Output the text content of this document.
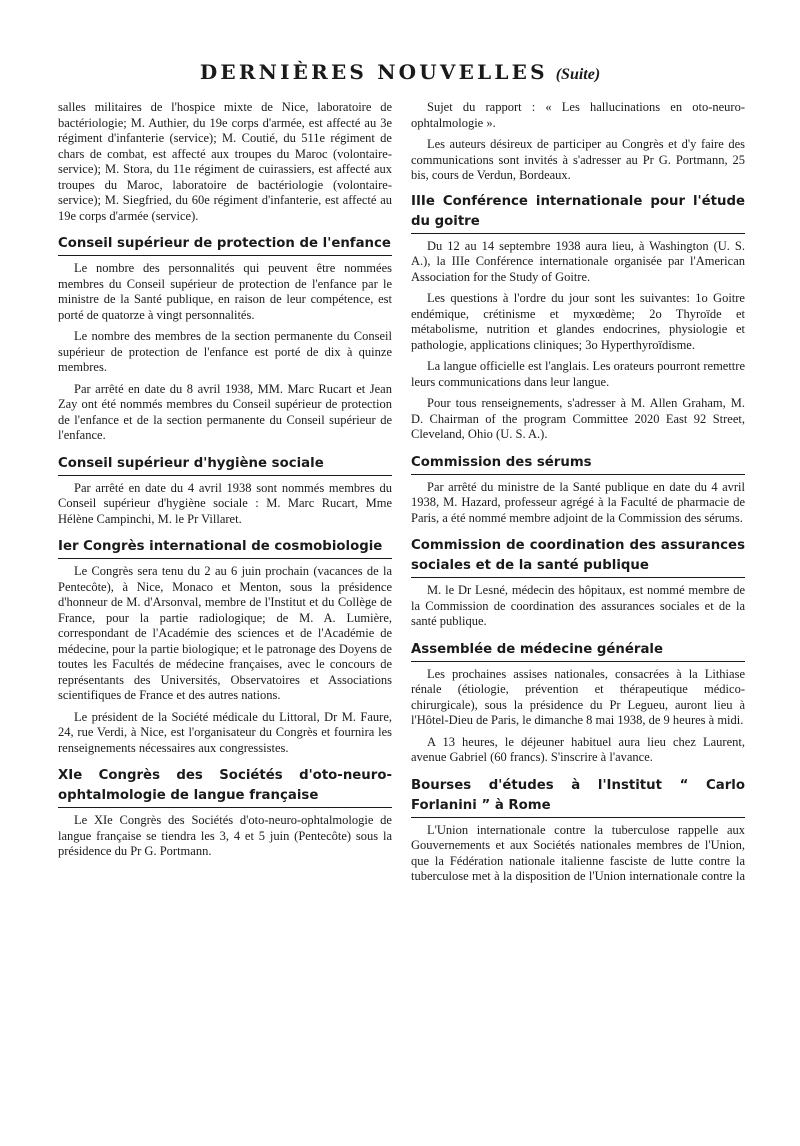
DERNIÈRES NOUVELLES (Suite)

salles militaires de l'hospice mixte de Nice, laboratoire de bactériologie; M. Authier, du 19e corps d'armée, est affecté au 3e régiment d'infanterie (service); M. Coutié, du 511e régiment de chars de combat, est affecté aux troupes du Maroc (volontaire-service); M. Stora, du 11e régiment de cuirassiers, est affecté aux troupes du Maroc, laboratoire de bactériologie (volontaire-service); M. Siegfried, du 60e régiment d'infanterie, est affecté au 19e corps d'armée (service).

Conseil supérieur de protection de l'enfance

Le nombre des personnalités qui peuvent être nommées membres du Conseil supérieur de protection de l'enfance par le ministre de la Santé publique, en raison de leur compétence, est porté de quatorze à vingt personnalités.

Le nombre des membres de la section permanente du Conseil supérieur de protection de l'enfance est porté de dix à quinze membres.

Par arrêté en date du 8 avril 1938, MM. Marc Rucart et Jean Zay ont été nommés membres du Conseil supérieur de protection de l'enfance et de la section permanente du Conseil supérieur de l'enfance.

Conseil supérieur d'hygiène sociale

Par arrêté en date du 4 avril 1938 sont nommés membres du Conseil supérieur d'hygiène sociale : M. Marc Rucart, Mme Hélène Campinchi, M. le Pr Villaret.

Ier Congrès international de cosmobiologie

Le Congrès sera tenu du 2 au 6 juin prochain (vacances de la Pentecôte), à Nice, Monaco et Menton, sous la présidence d'honneur de M. d'Arsonval, membre de l'Institut et du Collège de France, pour la partie radiologique; de M. A. Lumière, correspondant de l'Académie des sciences et de l'Académie de médecine, pour la partie biologique; et le patronage des Doyens de toutes les Facultés de médecine françaises, avec le concours de représentants des Universités, Observatoires et Associations scientifiques de France et des autres nations.

Le président de la Société médicale du Littoral, Dr M. Faure, 24, rue Verdi, à Nice, est l'organisateur du Congrès et fournira les renseignements nécessaires aux congressistes.

XIe Congrès des Sociétés d'oto-neuro-ophtalmologie de langue française

Le XIe Congrès des Sociétés d'oto-neuro-ophtalmologie de langue française se tiendra les 3, 4 et 5 juin (Pentecôte) sous la présidence du Pr G. Portmann.

Sujet du rapport : « Les hallucinations en oto-neuro-ophtalmologie ».

Les auteurs désireux de participer au Congrès et d'y faire des communications sont invités à s'adresser au Pr G. Portmann, 25 bis, cours de Verdun, Bordeaux.

IIIe Conférence internationale pour l'étude du goitre

Du 12 au 14 septembre 1938 aura lieu, à Washington (U. S. A.), la IIIe Conférence internationale organisée par l'American Association for the Study of Goitre.

Les questions à l'ordre du jour sont les suivantes: 1o Goitre endémique, crétinisme et myxœdème; 2o Thyroïde et métabolisme, nutrition et glandes endocrines, physiologie et pathologie, applications cliniques; 3o Hyperthyroïdisme.

La langue officielle est l'anglais. Les orateurs pourront remettre leurs communications dans leur langue.

Pour tous renseignements, s'adresser à M. Allen Graham, M. D. Chairman of the program Committee 2020 East 92 Street, Cleveland, Ohio (U. S. A.).

Commission des sérums

Par arrêté du ministre de la Santé publique en date du 4 avril 1938, M. Hazard, professeur agrégé à la Faculté de pharmacie de Paris, a été nommé membre adjoint de la Commission des sérums.

Commission de coordination des assurances sociales et de la santé publique

M. le Dr Lesné, médecin des hôpitaux, est nommé membre de la Commission de coordination des assurances sociales et de la santé publique.

Assemblée de médecine générale

Les prochaines assises nationales, consacrées à la Lithiase rénale (étiologie, prévention et thérapeutique médico-chirurgicale), sous la présidence du Pr Legueu, auront lieu à l'Hôtel-Dieu de Paris, le dimanche 8 mai 1938, de 9 heures à midi.

A 13 heures, le déjeuner habituel aura lieu chez Laurent, avenue Gabriel (60 francs). S'inscrire à l'avance.

Bourses d'études à l'Institut “ Carlo Forlanini ” à Rome

L'Union internationale contre la tuberculose rappelle aux Gouvernements et aux Sociétés nationales membres de l'Union, que la Fédération nationale italienne fasciste de lutte contre la tuberculose met à la disposition de l'Union internationale contre la
